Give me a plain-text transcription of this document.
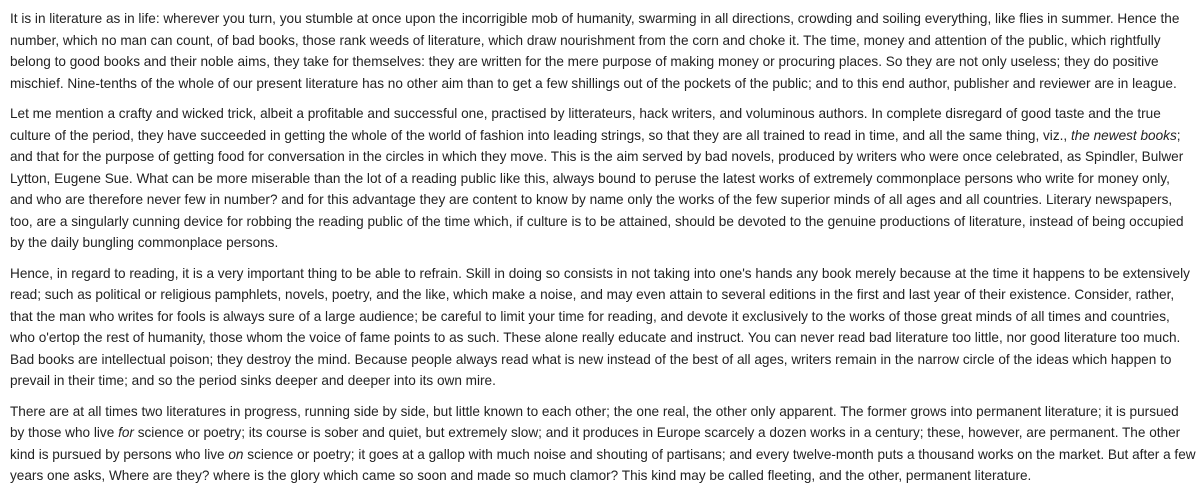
It is in literature as in life: wherever you turn, you stumble at once upon the incorrigible mob of humanity, swarming in all directions, crowding and soiling everything, like flies in summer. Hence the number, which no man can count, of bad books, those rank weeds of literature, which draw nourishment from the corn and choke it. The time, money and attention of the public, which rightfully belong to good books and their noble aims, they take for themselves: they are written for the mere purpose of making money or procuring places. So they are not only useless; they do positive mischief. Nine-tenths of the whole of our present literature has no other aim than to get a few shillings out of the pockets of the public; and to this end author, publisher and reviewer are in league.

Let me mention a crafty and wicked trick, albeit a profitable and successful one, practised by litterateurs, hack writers, and voluminous authors. In complete disregard of good taste and the true culture of the period, they have succeeded in getting the whole of the world of fashion into leading strings, so that they are all trained to read in time, and all the same thing, viz., the newest books; and that for the purpose of getting food for conversation in the circles in which they move. This is the aim served by bad novels, produced by writers who were once celebrated, as Spindler, Bulwer Lytton, Eugene Sue. What can be more miserable than the lot of a reading public like this, always bound to peruse the latest works of extremely commonplace persons who write for money only, and who are therefore never few in number? and for this advantage they are content to know by name only the works of the few superior minds of all ages and all countries. Literary newspapers, too, are a singularly cunning device for robbing the reading public of the time which, if culture is to be attained, should be devoted to the genuine productions of literature, instead of being occupied by the daily bungling commonplace persons.

Hence, in regard to reading, it is a very important thing to be able to refrain. Skill in doing so consists in not taking into one's hands any book merely because at the time it happens to be extensively read; such as political or religious pamphlets, novels, poetry, and the like, which make a noise, and may even attain to several editions in the first and last year of their existence. Consider, rather, that the man who writes for fools is always sure of a large audience; be careful to limit your time for reading, and devote it exclusively to the works of those great minds of all times and countries, who o'ertop the rest of humanity, those whom the voice of fame points to as such. These alone really educate and instruct. You can never read bad literature too little, nor good literature too much. Bad books are intellectual poison; they destroy the mind. Because people always read what is new instead of the best of all ages, writers remain in the narrow circle of the ideas which happen to prevail in their time; and so the period sinks deeper and deeper into its own mire.

There are at all times two literatures in progress, running side by side, but little known to each other; the one real, the other only apparent. The former grows into permanent literature; it is pursued by those who live for science or poetry; its course is sober and quiet, but extremely slow; and it produces in Europe scarcely a dozen works in a century; these, however, are permanent. The other kind is pursued by persons who live on science or poetry; it goes at a gallop with much noise and shouting of partisans; and every twelve-month puts a thousand works on the market. But after a few years one asks, Where are they? where is the glory which came so soon and made so much clamor? This kind may be called fleeting, and the other, permanent literature.
